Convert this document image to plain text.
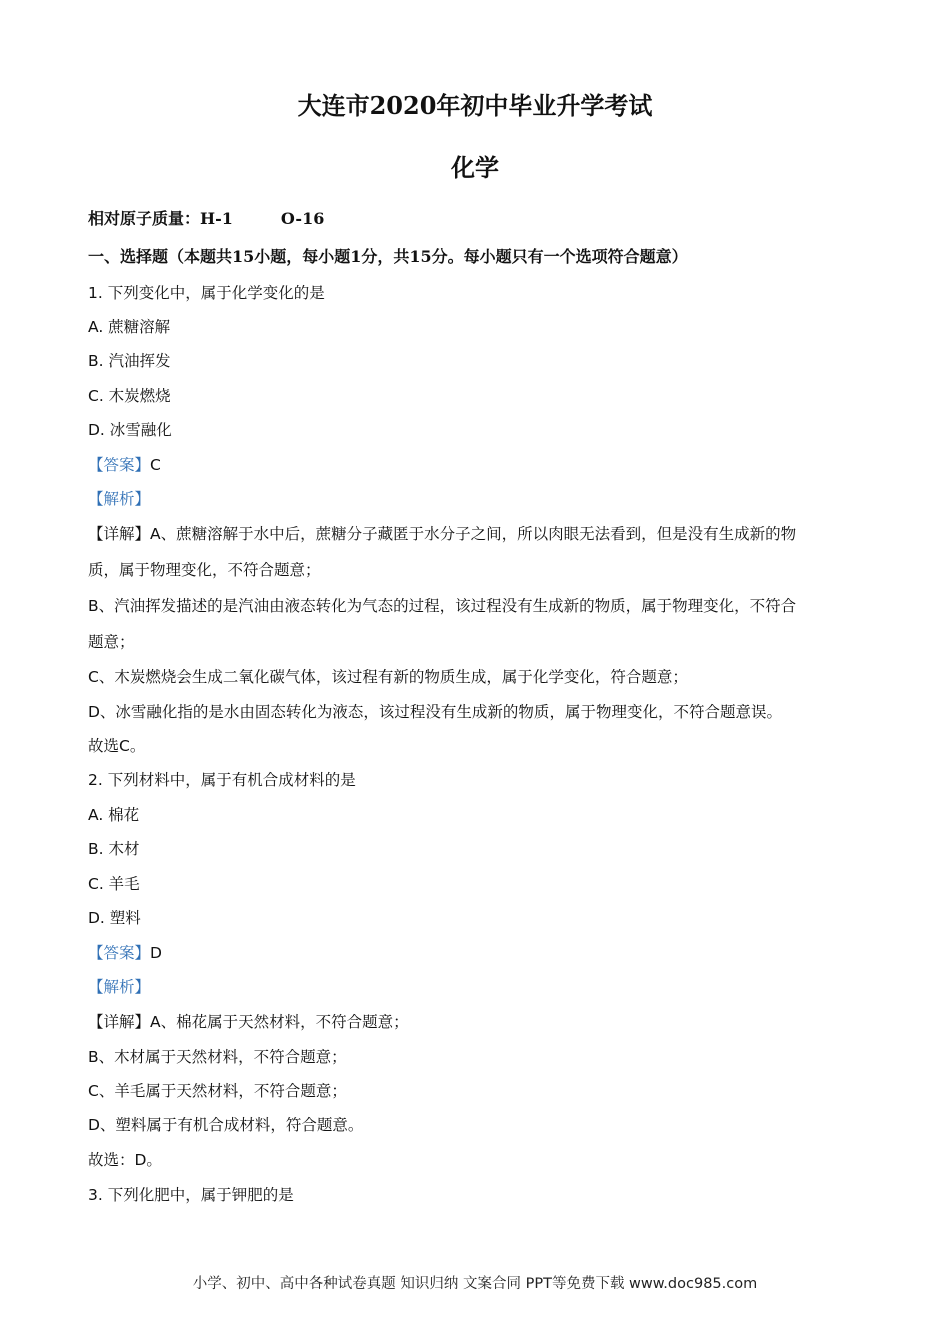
大连市2020年初中毕业升学考试
化学
相对原子质量：H-1	O-16
一、选择题（本题共15小题，每小题1分，共15分。每小题只有一个选项符合题意）
1. 下列变化中，属于化学变化的是
A. 蔗糖溶解
B. 汽油挥发
C. 木炭燃烧
D. 冰雪融化
【答案】C
【解析】
【详解】A、蔗糖溶解于水中后，蔗糖分子藏匿于水分子之间，所以肉眼无法看到，但是没有生成新的物
质，属于物理变化，不符合题意；
B、汽油挥发描述的是汽油由液态转化为气态的过程，该过程没有生成新的物质，属于物理变化，不符合
题意；
C、木炭燃烧会生成二氧化碳气体，该过程有新的物质生成，属于化学变化，符合题意；
D、冰雪融化指的是水由固态转化为液态，该过程没有生成新的物质，属于物理变化，不符合题意误。
故选C。
2. 下列材料中，属于有机合成材料的是
A. 棉花
B. 木材
C. 羊毛
D. 塑料
【答案】D
【解析】
【详解】A、棉花属于天然材料，不符合题意；
B、木材属于天然材料，不符合题意；
C、羊毛属于天然材料，不符合题意；
D、塑料属于有机合成材料，符合题意。
故选：D。
3. 下列化肥中，属于钾肥的是
小学、初中、高中各种试卷真题 知识归纳 文案合同 PPT等免费下载 www.doc985.com
